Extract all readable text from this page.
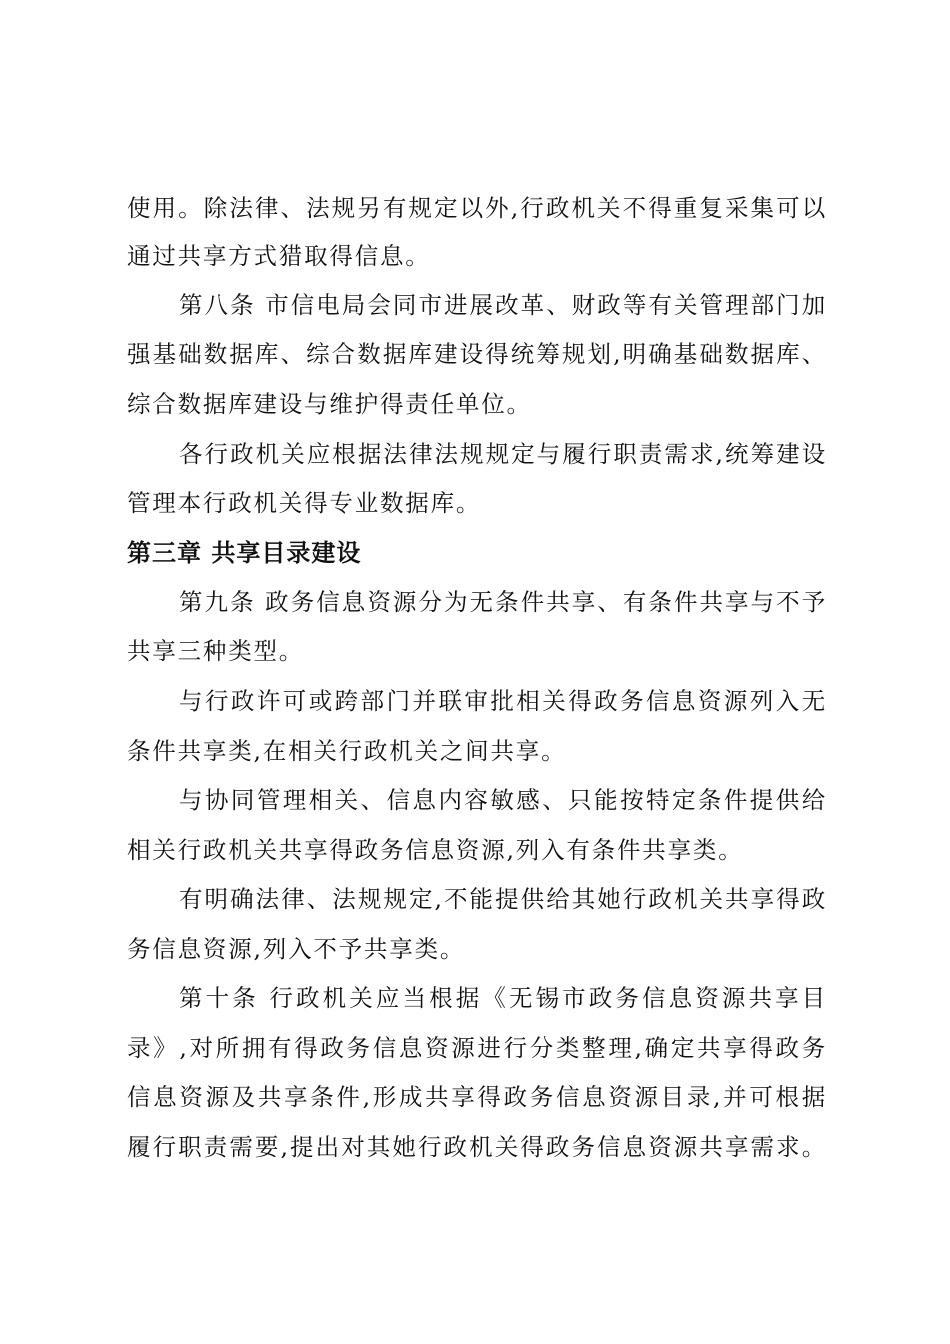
使用。除法律、法规另有规定以外,行政机关不得重复采集可以

通过共享方式猎取得信息。

第八条 市信电局会同市进展改革、财政等有关管理部门加

强基础数据库、综合数据库建设得统筹规划,明确基础数据库、

综合数据库建设与维护得责任单位。

各行政机关应根据法律法规规定与履行职责需求,统筹建设

管理本行政机关得专业数据库。

第三章 共享目录建设

第九条 政务信息资源分为无条件共享、有条件共享与不予

共享三种类型。

与行政许可或跨部门并联审批相关得政务信息资源列入无

条件共享类,在相关行政机关之间共享。

与协同管理相关、信息内容敏感、只能按特定条件提供给

相关行政机关共享得政务信息资源,列入有条件共享类。

有明确法律、法规规定,不能提供给其她行政机关共享得政

务信息资源,列入不予共享类。

第十条 行政机关应当根据《无锡市政务信息资源共享目

录》,对所拥有得政务信息资源进行分类整理,确定共享得政务

信息资源及共享条件,形成共享得政务信息资源目录,并可根据

履行职责需要,提出对其她行政机关得政务信息资源共享需求。
